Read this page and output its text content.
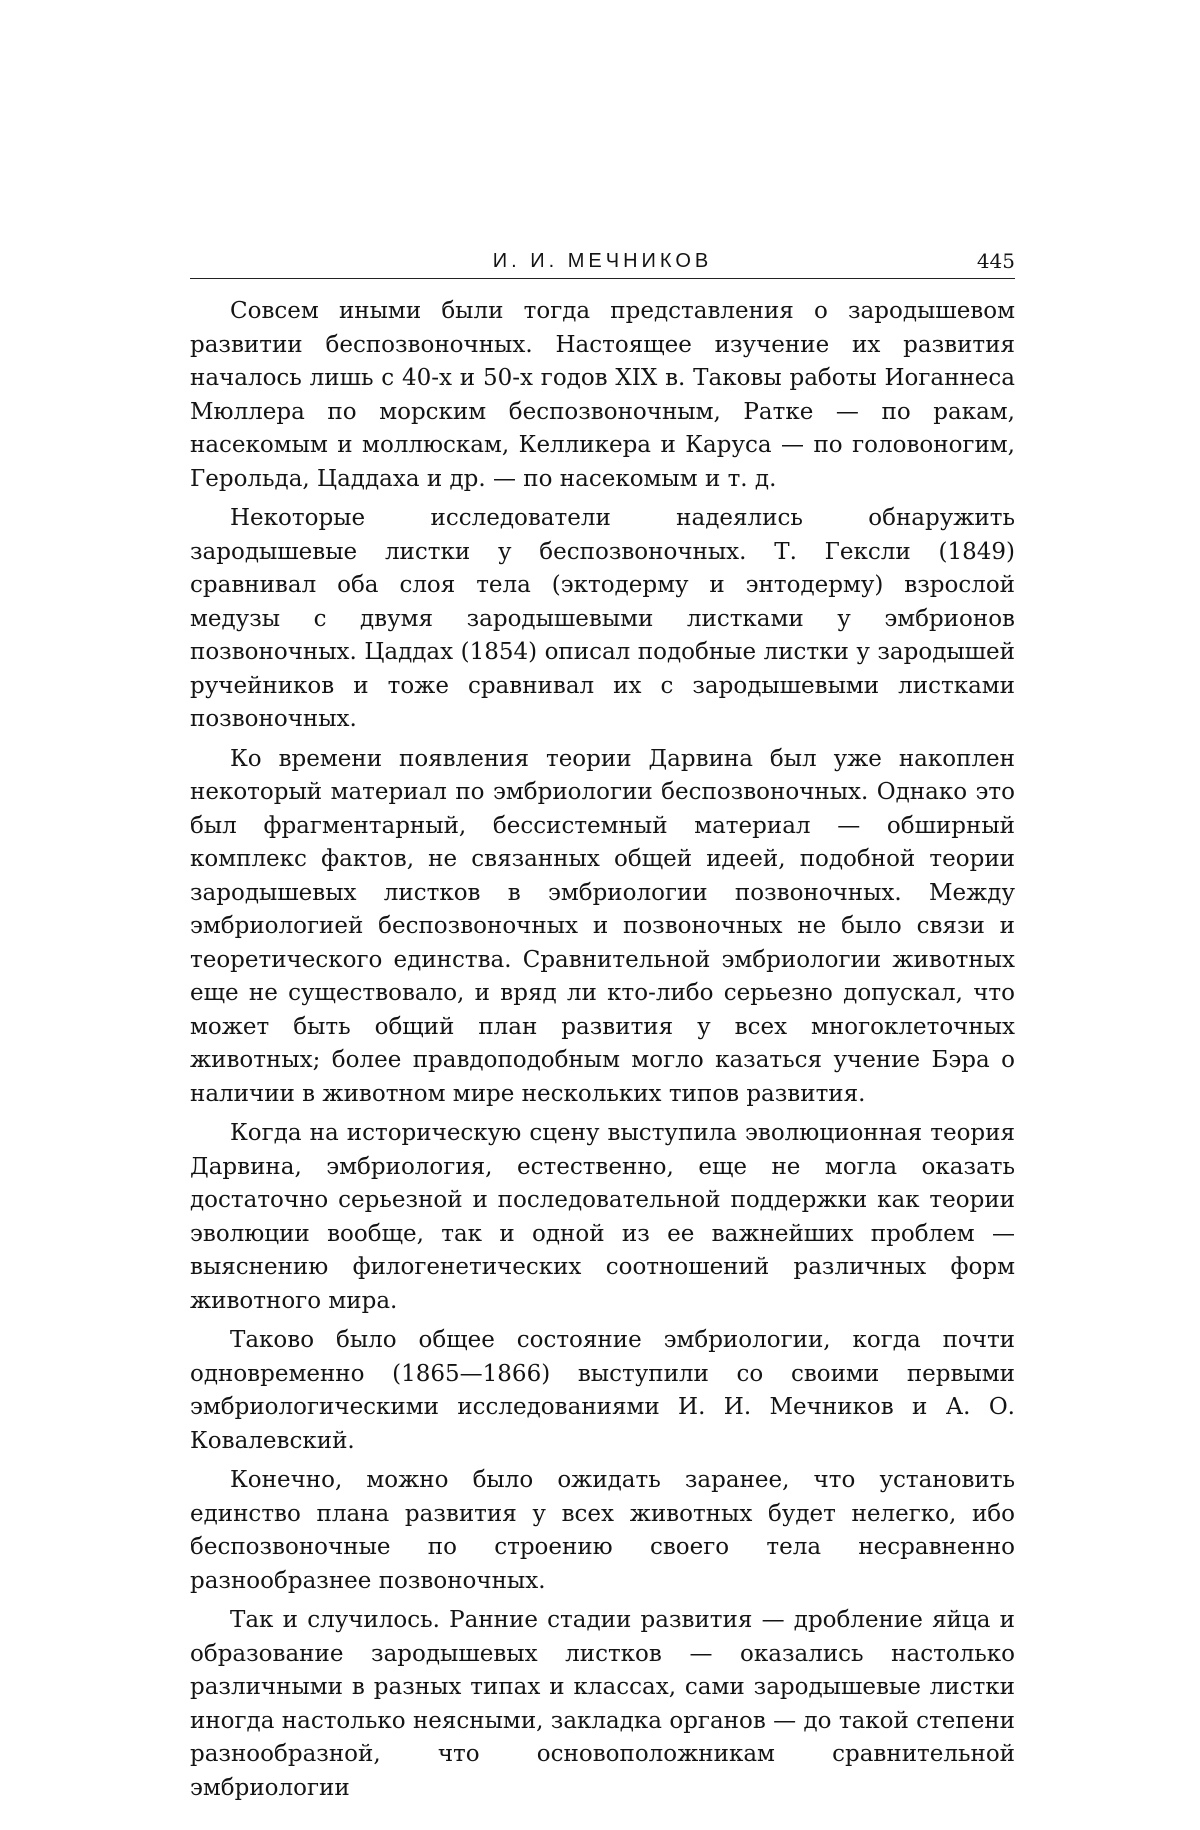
И. И. МЕЧНИКОВ	445

Совсем иными были тогда представления о зародышевом развитии беспозвоночных. Настоящее изучение их развития началось лишь с 40-х и 50-х годов XIX в. Таковы работы Иоганнеса Мюллера по морским беспозвоночным, Ратке — по ракам, насекомым и моллюскам, Келликера и Каруса — по головоногим, Герольда, Цаддаха и др. — по насекомым и т. д.

Некоторые исследователи надеялись обнаружить зародышевые листки у беспозвоночных. Т. Гексли (1849) сравнивал оба слоя тела (эктодерму и энтодерму) взрослой медузы с двумя зародышевыми листками у эмбрионов позвоночных. Цаддах (1854) описал подобные листки у зародышей ручейников и тоже сравнивал их с зародышевыми листками позвоночных.

Ко времени появления теории Дарвина был уже накоплен некоторый материал по эмбриологии беспозвоночных. Однако это был фрагментарный, бессистемный материал — обширный комплекс фактов, не связанных общей идеей, подобной теории зародышевых листков в эмбриологии позвоночных. Между эмбриологией беспозвоночных и позвоночных не было связи и теоретического единства. Сравнительной эмбриологии животных еще не существовало, и вряд ли кто-либо серьезно допускал, что может быть общий план развития у всех многоклеточных животных; более правдоподобным могло казаться учение Бэра о наличии в животном мире нескольких типов развития.

Когда на историческую сцену выступила эволюционная теория Дарвина, эмбриология, естественно, еще не могла оказать достаточно серьезной и последовательной поддержки как теории эволюции вообще, так и одной из ее важнейших проблем — выяснению филогенетических соотношений различных форм животного мира.

Таково было общее состояние эмбриологии, когда почти одновременно (1865—1866) выступили со своими первыми эмбриологическими исследованиями И. И. Мечников и А. О. Ковалевский.

Конечно, можно было ожидать заранее, что установить единство плана развития у всех животных будет нелегко, ибо беспозвоночные по строению своего тела несравненно разнообразнее позвоночных.

Так и случилось. Ранние стадии развития — дробление яйца и образование зародышевых листков — оказались настолько различными в разных типах и классах, сами зародышевые листки иногда настолько неясными, закладка органов — до такой степени разнообразной, что основоположникам сравнительной эмбриологии
